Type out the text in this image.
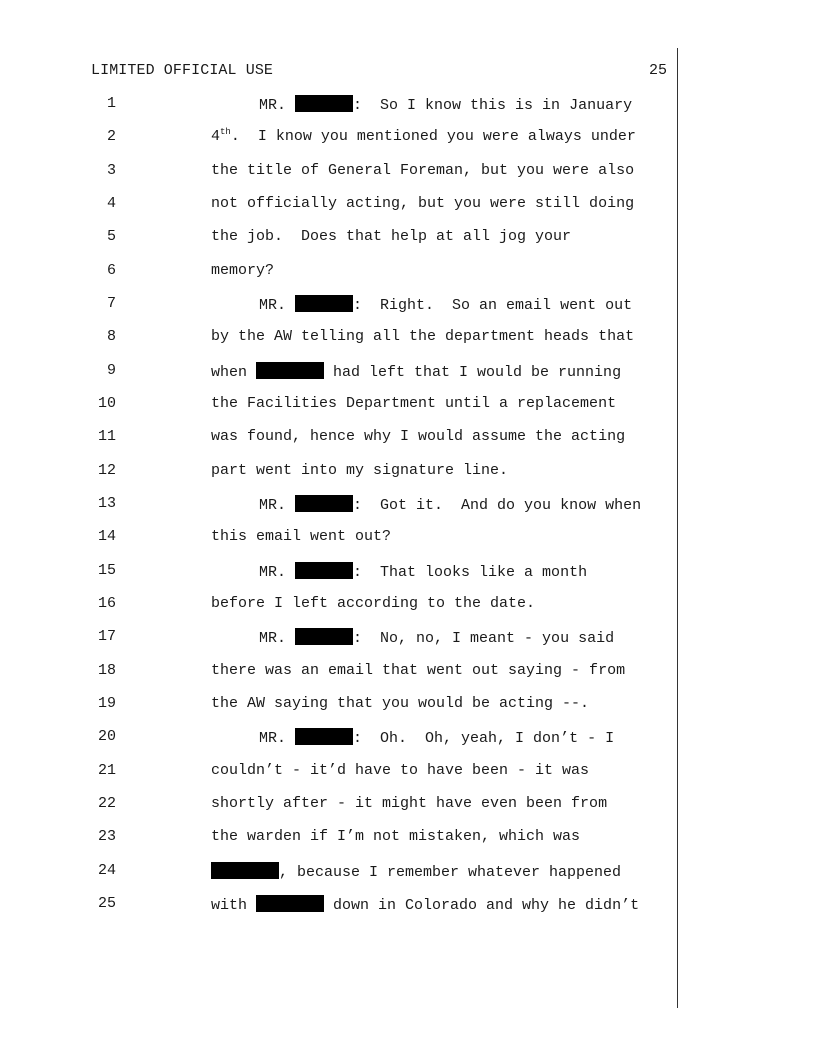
LIMITED OFFICIAL USE	25
1	MR.	:  So I know this is in January
2	4th.  I know you mentioned you were always under
3	the title of General Foreman, but you were also
4	not officially acting, but you were still doing
5	the job.  Does that help at all jog your
6	memory?
7	MR.	:  Right.  So an email went out
8	by the AW telling all the department heads that
9	when	had left that I would be running
10	the Facilities Department until a replacement
11	was found, hence why I would assume the acting
12	part went into my signature line.
13	MR.	:  Got it.  And do you know when
14	this email went out?
15	MR.	:  That looks like a month
16	before I left according to the date.
17	MR.	:  No, no, I meant - you said
18	there was an email that went out saying - from
19	the AW saying that you would be acting --.
20	MR.	:  Oh.  Oh, yeah, I don’t - I
21	couldn’t - it’d have to have been - it was
22	shortly after - it might have even been from
23	the warden if I’m not mistaken, which was
24	, because I remember whatever happened
25	with	down in Colorado and why he didn’t
